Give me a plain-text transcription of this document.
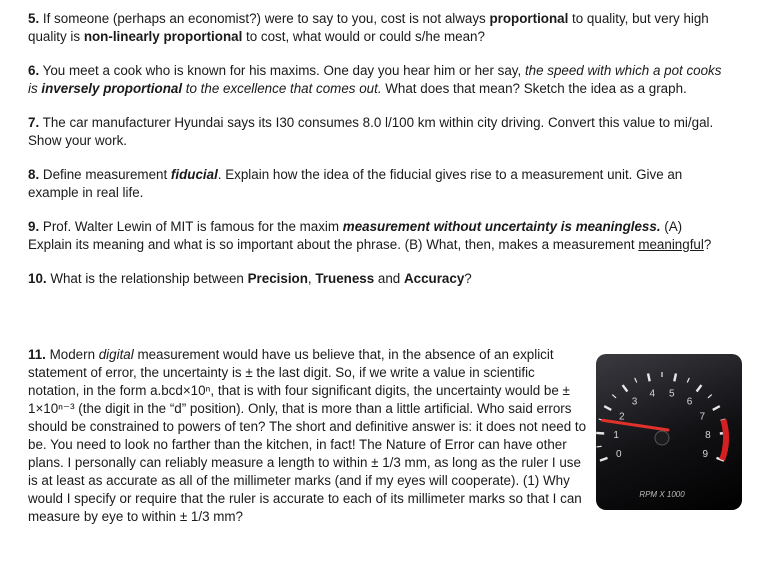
5. If someone (perhaps an economist?) were to say to you, cost is not always proportional to quality, but very high quality is non-linearly proportional to cost, what would or could s/he mean?

6. You meet a cook who is known for his maxims. One day you hear him or her say, the speed with which a pot cooks is inversely proportional to the excellence that comes out. What does that mean? Sketch the idea as a graph.

7. The car manufacturer Hyundai says its I30 consumes 8.0 l/100 km within city driving. Convert this value to mi/gal. Show your work.

8. Define measurement fiducial. Explain how the idea of the fiducial gives rise to a measurement unit. Give an example in real life.

9. Prof. Walter Lewin of MIT is famous for the maxim measurement without uncertainty is meaningless. (A) Explain its meaning and what is so important about the phrase. (B) What, then, makes a measurement meaningful?

10. What is the relationship between Precision, Trueness and Accuracy?

11. Modern digital measurement would have us believe that, in the absence of an explicit statement of error, the uncertainty is ± the last digit. So, if we write a value in scientific notation, in the form a.bcd×10ⁿ, that is with four significant digits, the uncertainty would be ± 1×10ⁿ⁻³ (the digit in the “d” position). Only, that is more than a little artificial. Who said errors should be constrained to powers of ten? The short and definitive answer is: it does not need to be. You need to look no farther than the kitchen, in fact! The Nature of Error can have other plans. I personally can reliably measure a length to within ± 1/3 mm, as long as the ruler I use is at least as accurate as all of the millimeter marks (and if my eyes will cooperate). (1) Why would I specify or require that the ruler is accurate to each of its millimeter marks so that I can measure by eye to within ± 1/3 mm?

0
1
2
3
4 5
6
7
8
9
RPM X 1000
